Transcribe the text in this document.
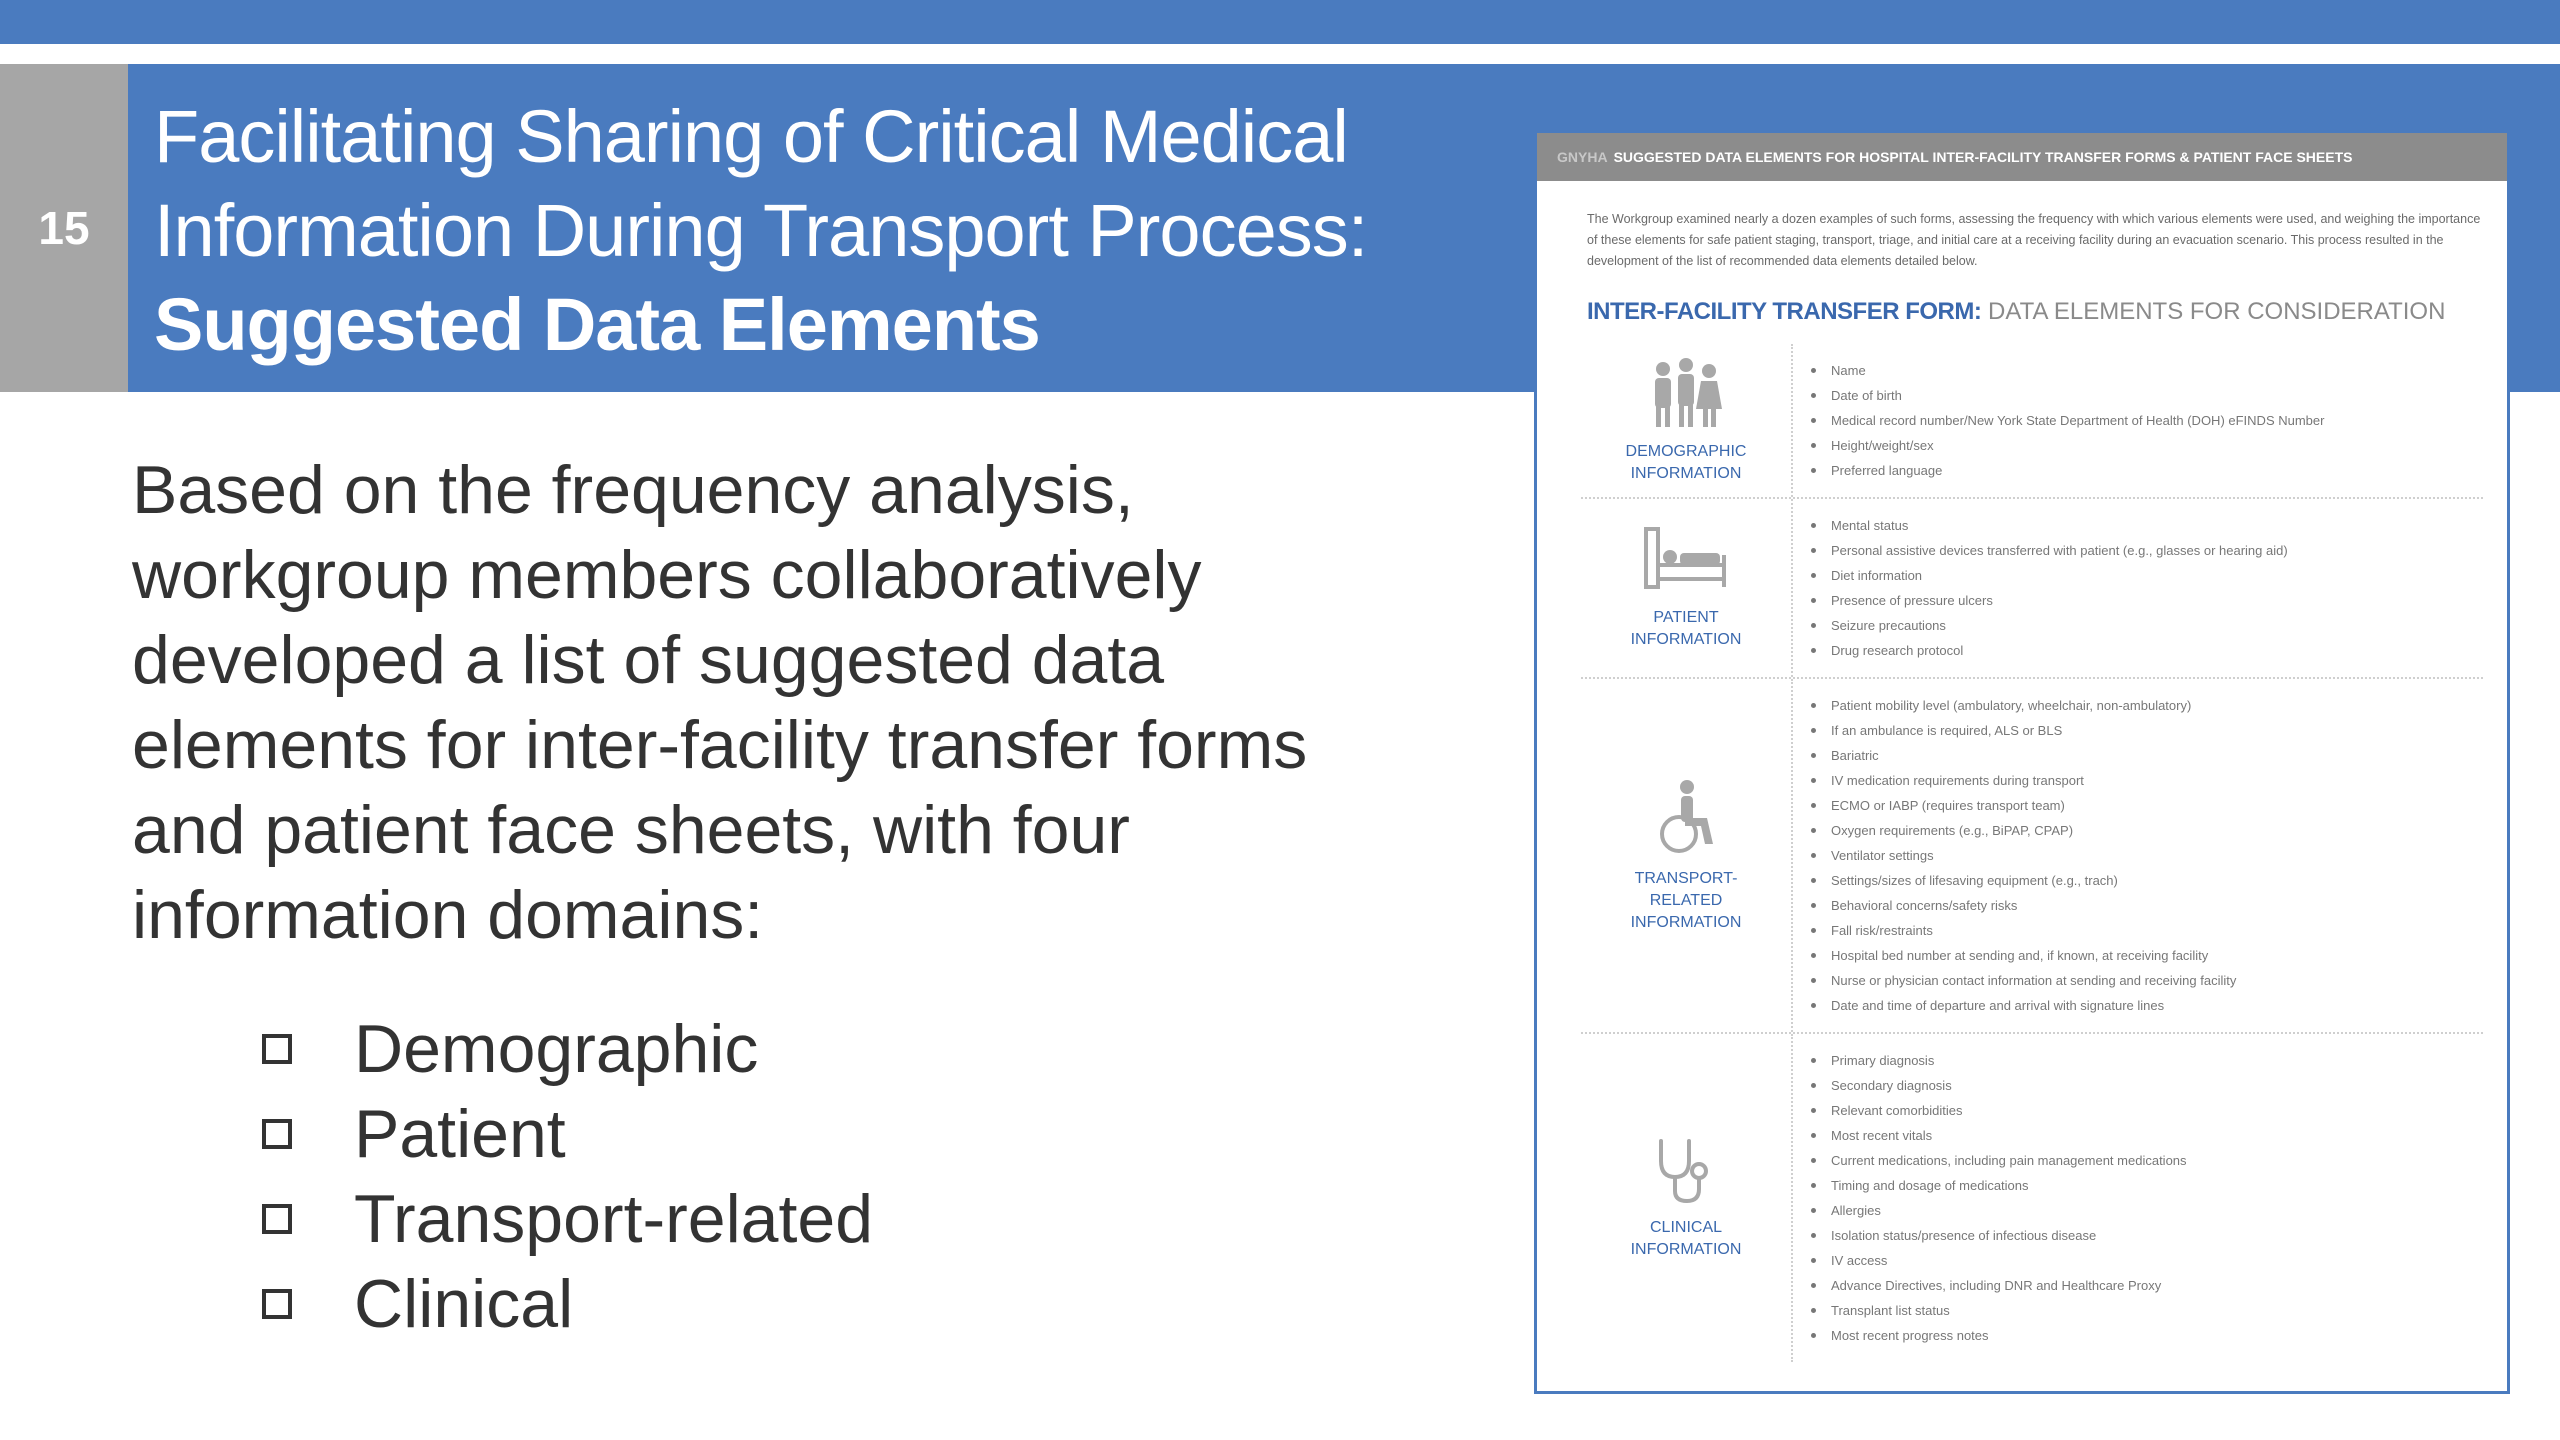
15
Facilitating Sharing of Critical Medical
Information During Transport Process:
Suggested Data Elements
Based on the frequency analysis,
workgroup members collaboratively
developed a list of suggested data
elements for inter-facility transfer forms
and patient face sheets, with four
information domains:
Demographic
Patient
Transport-related
Clinical
GNYHA SUGGESTED DATA ELEMENTS FOR HOSPITAL INTER-FACILITY TRANSFER FORMS & PATIENT FACE SHEETS
The Workgroup examined nearly a dozen examples of such forms, assessing the frequency with which various elements were used, and weighing the importance of these elements for safe patient staging, transport, triage, and initial care at a receiving facility during an evacuation scenario. This process resulted in the development of the list of recommended data elements detailed below.
INTER-FACILITY TRANSFER FORM: DATA ELEMENTS FOR CONSIDERATION
DEMOGRAPHIC INFORMATION
Name
Date of birth
Medical record number/New York State Department of Health (DOH) eFINDS Number
Height/weight/sex
Preferred language
PATIENT INFORMATION
Mental status
Personal assistive devices transferred with patient (e.g., glasses or hearing aid)
Diet information
Presence of pressure ulcers
Seizure precautions
Drug research protocol
TRANSPORT-RELATED INFORMATION
Patient mobility level (ambulatory, wheelchair, non-ambulatory)
If an ambulance is required, ALS or BLS
Bariatric
IV medication requirements during transport
ECMO or IABP (requires transport team)
Oxygen requirements (e.g., BiPAP, CPAP)
Ventilator settings
Settings/sizes of lifesaving equipment (e.g., trach)
Behavioral concerns/safety risks
Fall risk/restraints
Hospital bed number at sending and, if known, at receiving facility
Nurse or physician contact information at sending and receiving facility
Date and time of departure and arrival with signature lines
CLINICAL INFORMATION
Primary diagnosis
Secondary diagnosis
Relevant comorbidities
Most recent vitals
Current medications, including pain management medications
Timing and dosage of medications
Allergies
Isolation status/presence of infectious disease
IV access
Advance Directives, including DNR and Healthcare Proxy
Transplant list status
Most recent progress notes
